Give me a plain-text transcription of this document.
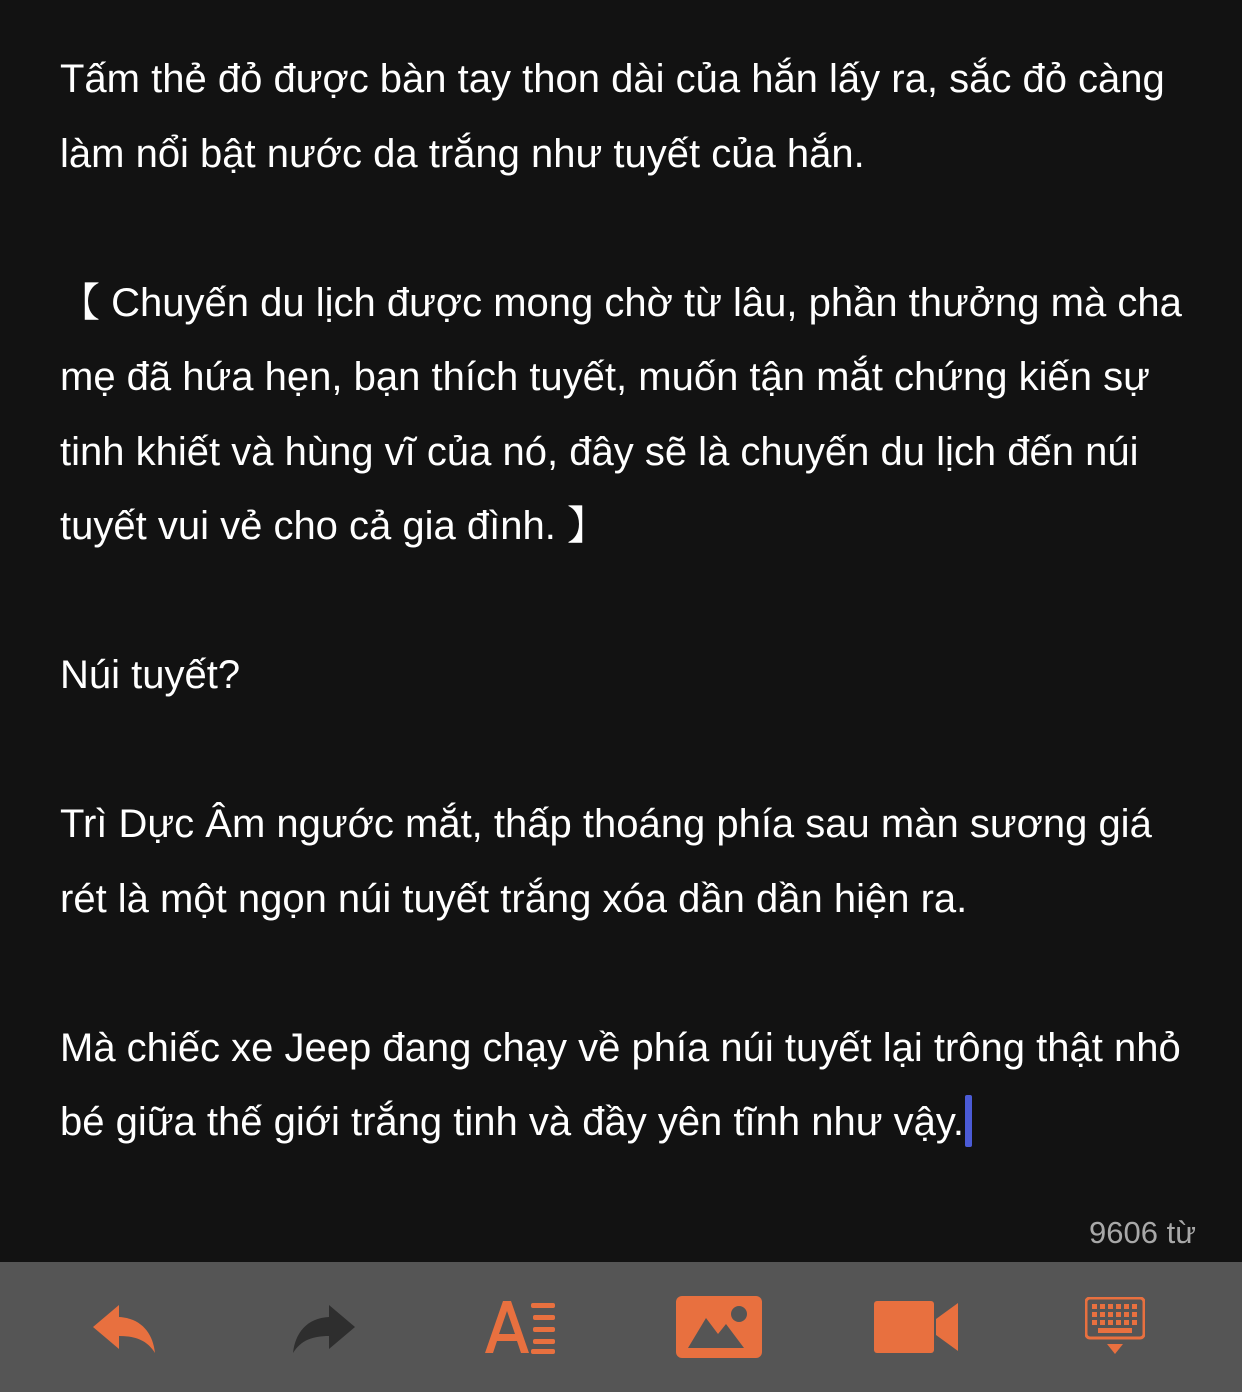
Tấm thẻ đỏ được bàn tay thon dài của hắn lấy ra, sắc đỏ càng làm nổi bật nước da trắng như tuyết của hắn.

【 Chuyến du lịch được mong chờ từ lâu, phần thưởng mà cha mẹ đã hứa hẹn, bạn thích tuyết, muốn tận mắt chứng kiến sự tinh khiết và hùng vĩ của nó, đây sẽ là chuyến du lịch đến núi tuyết vui vẻ cho cả gia đình. 】

Núi tuyết?

Trì Dực Âm ngước mắt, thấp thoáng phía sau màn sương giá rét là một ngọn núi tuyết trắng xóa dần dần hiện ra.

Mà chiếc xe Jeep đang chạy về phía núi tuyết lại trông thật nhỏ bé giữa thế giới trắng tinh và đầy yên tĩnh như vậy.

9606 từ
